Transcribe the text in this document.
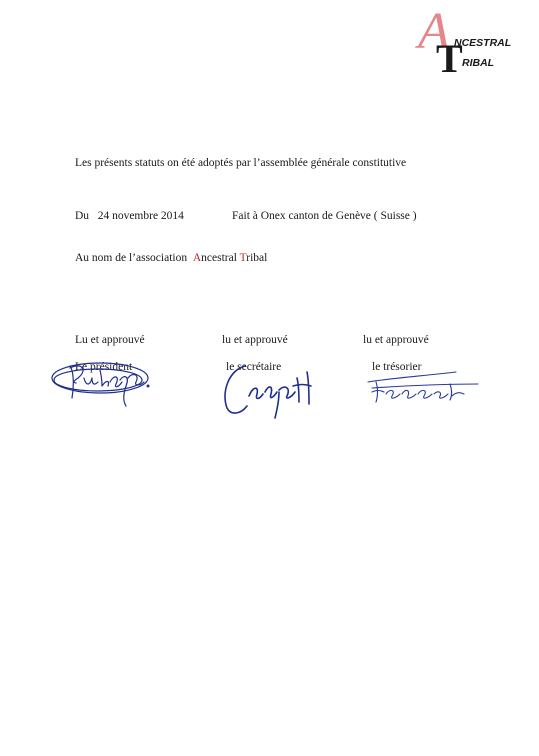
A
T
NCESTRAL
RIBAL
Les présents statuts on été adoptés par l’assemblée générale constitutive
Du 24 novembre 2014	Fait à Onex canton de Genève ( Suisse )
Au nom de l’association Ancestral Tribal
Lu et approuvé
Le président
lu et approuvé
le secrétaire
lu et approuvé
le trésorier
